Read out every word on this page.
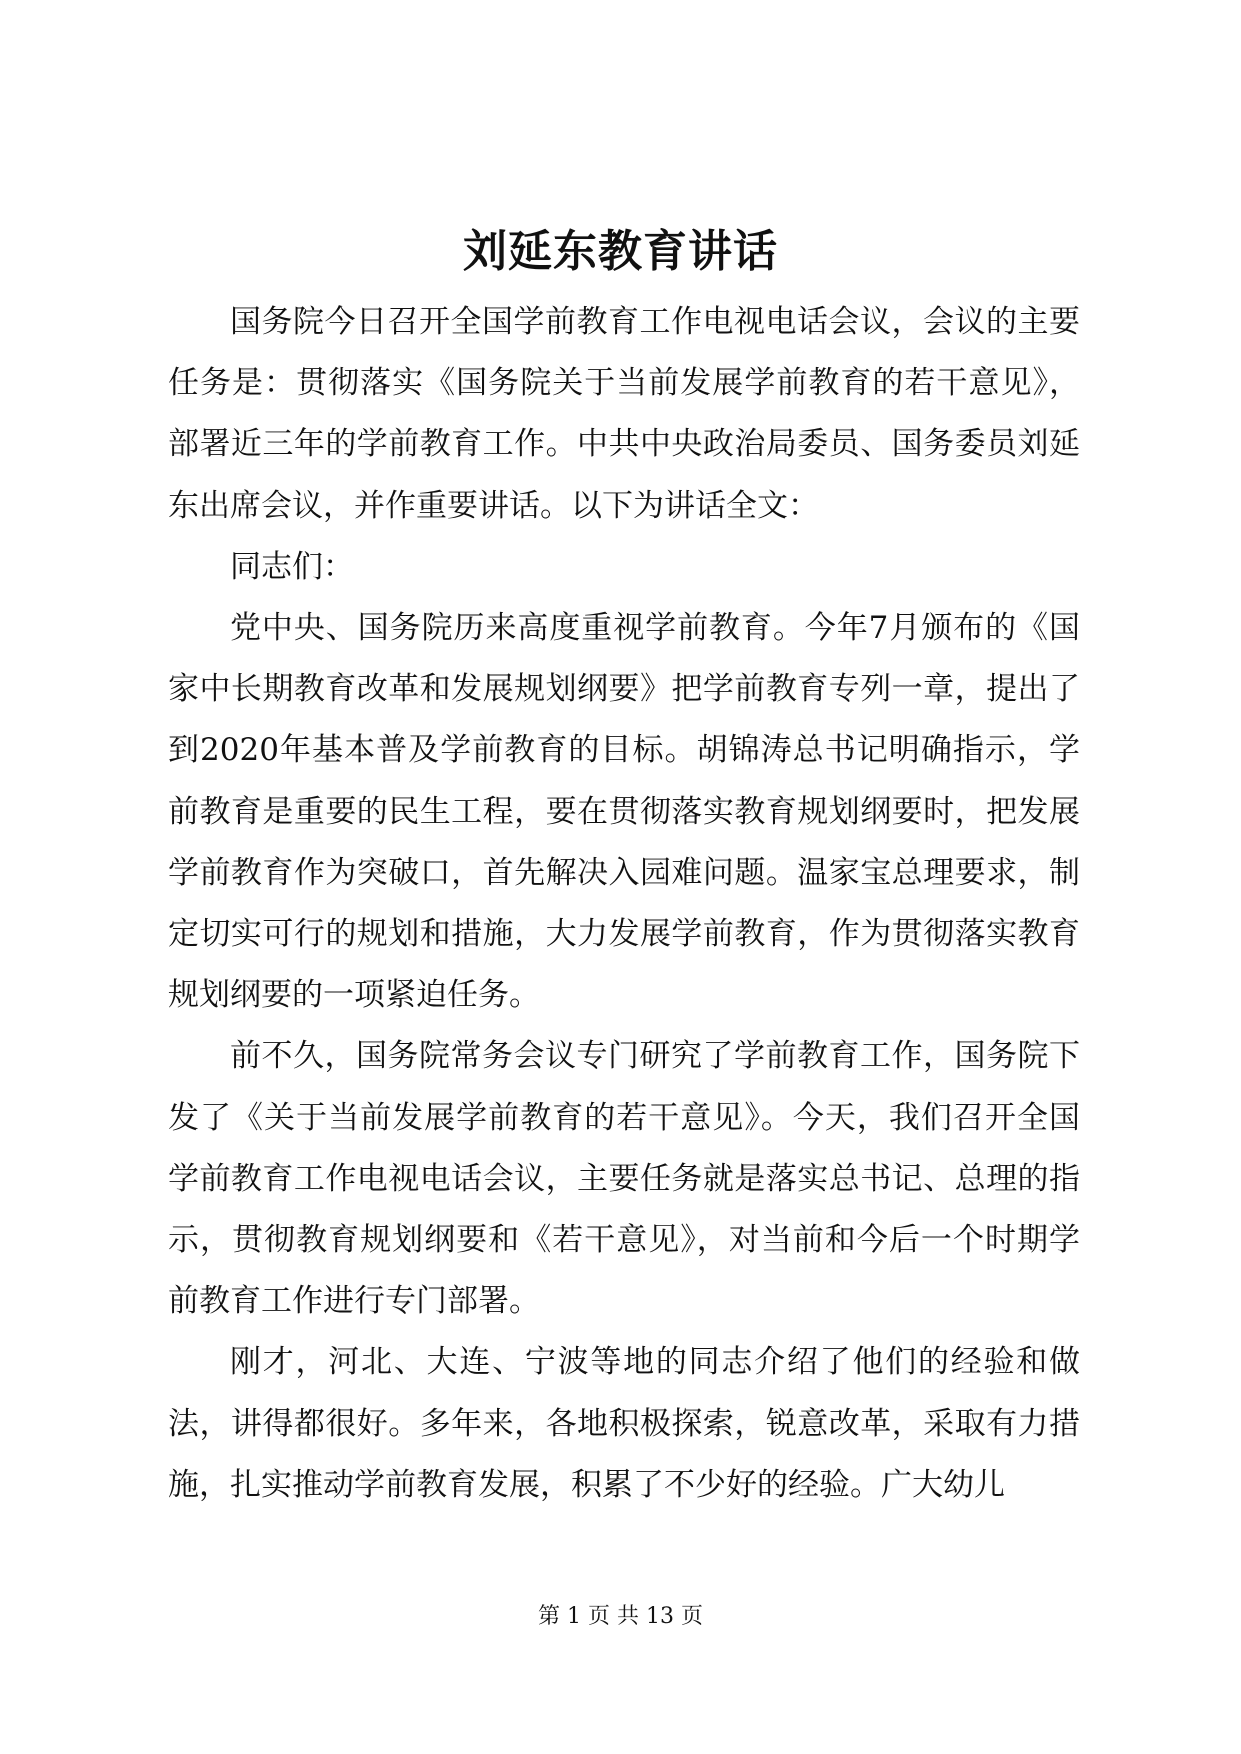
刘延东教育讲话

国务院今日召开全国学前教育工作电视电话会议，会议的主要任务是：贯彻落实《国务院关于当前发展学前教育的若干意见》，部署近三年的学前教育工作。中共中央政治局委员、国务委员刘延东出席会议，并作重要讲话。以下为讲话全文：

同志们：

党中央、国务院历来高度重视学前教育。今年7月颁布的《国家中长期教育改革和发展规划纲要》把学前教育专列一章，提出了到2020年基本普及学前教育的目标。胡锦涛总书记明确指示，学前教育是重要的民生工程，要在贯彻落实教育规划纲要时，把发展学前教育作为突破口，首先解决入园难问题。温家宝总理要求，制定切实可行的规划和措施，大力发展学前教育，作为贯彻落实教育规划纲要的一项紧迫任务。

前不久，国务院常务会议专门研究了学前教育工作，国务院下发了《关于当前发展学前教育的若干意见》。今天，我们召开全国学前教育工作电视电话会议，主要任务就是落实总书记、总理的指示，贯彻教育规划纲要和《若干意见》，对当前和今后一个时期学前教育工作进行专门部署。

刚才，河北、大连、宁波等地的同志介绍了他们的经验和做法，讲得都很好。多年来，各地积极探索，锐意改革，采取有力措施，扎实推动学前教育发展，积累了不少好的经验。广大幼儿

第 1 页 共 13 页
